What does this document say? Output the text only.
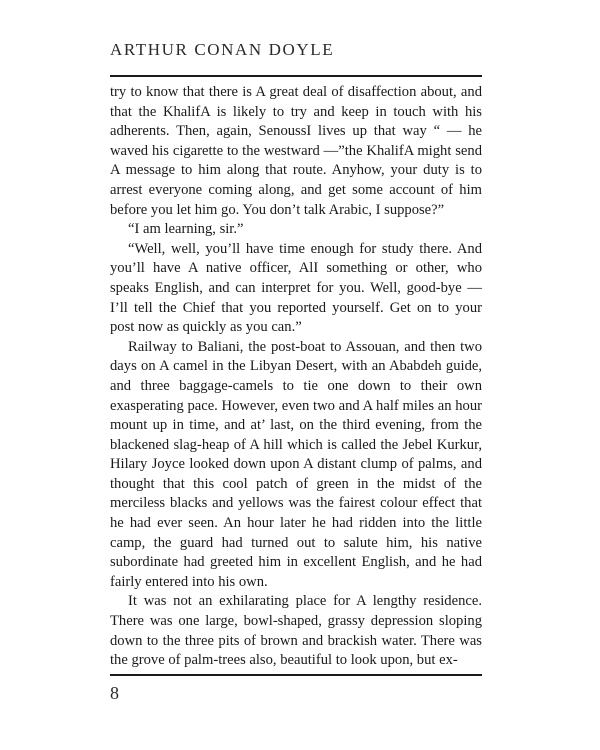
ARTHUR CONAN DOYLE

try to know that there is A great deal of disaffection about, and that the KhalifA is likely to try and keep in touch with his adherents. Then, again, SenoussI lives up that way “ — he waved his cigarette to the westward —”the KhalifA might send A message to him along that route. Anyhow, your duty is to arrest everyone coming along, and get some account of him before you let him go. You don’t talk Arabic, I suppose?”

“I am learning, sir.”

“Well, well, you’ll have time enough for study there. And you’ll have A native officer, AlI something or other, who speaks English, and can interpret for you. Well, good-bye — I’ll tell the Chief that you reported yourself. Get on to your post now as quickly as you can.”

Railway to Baliani, the post-boat to Assouan, and then two days on A camel in the Libyan Desert, with an Ababdeh guide, and three baggage-camels to tie one down to their own exasperating pace. However, even two and A half miles an hour mount up in time, and at’ last, on the third evening, from the blackened slag-heap of A hill which is called the Jebel Kurkur, Hilary Joyce looked down upon A distant clump of palms, and thought that this cool patch of green in the midst of the merciless blacks and yellows was the fairest colour effect that he had ever seen. An hour later he had ridden into the little camp, the guard had turned out to salute him, his native subordinate had greeted him in excellent English, and he had fairly entered into his own.

It was not an exhilarating place for A lengthy residence. There was one large, bowl-shaped, grassy depression sloping down to the three pits of brown and brackish water. There was the grove of palm-trees also, beautiful to look upon, but ex-

8
